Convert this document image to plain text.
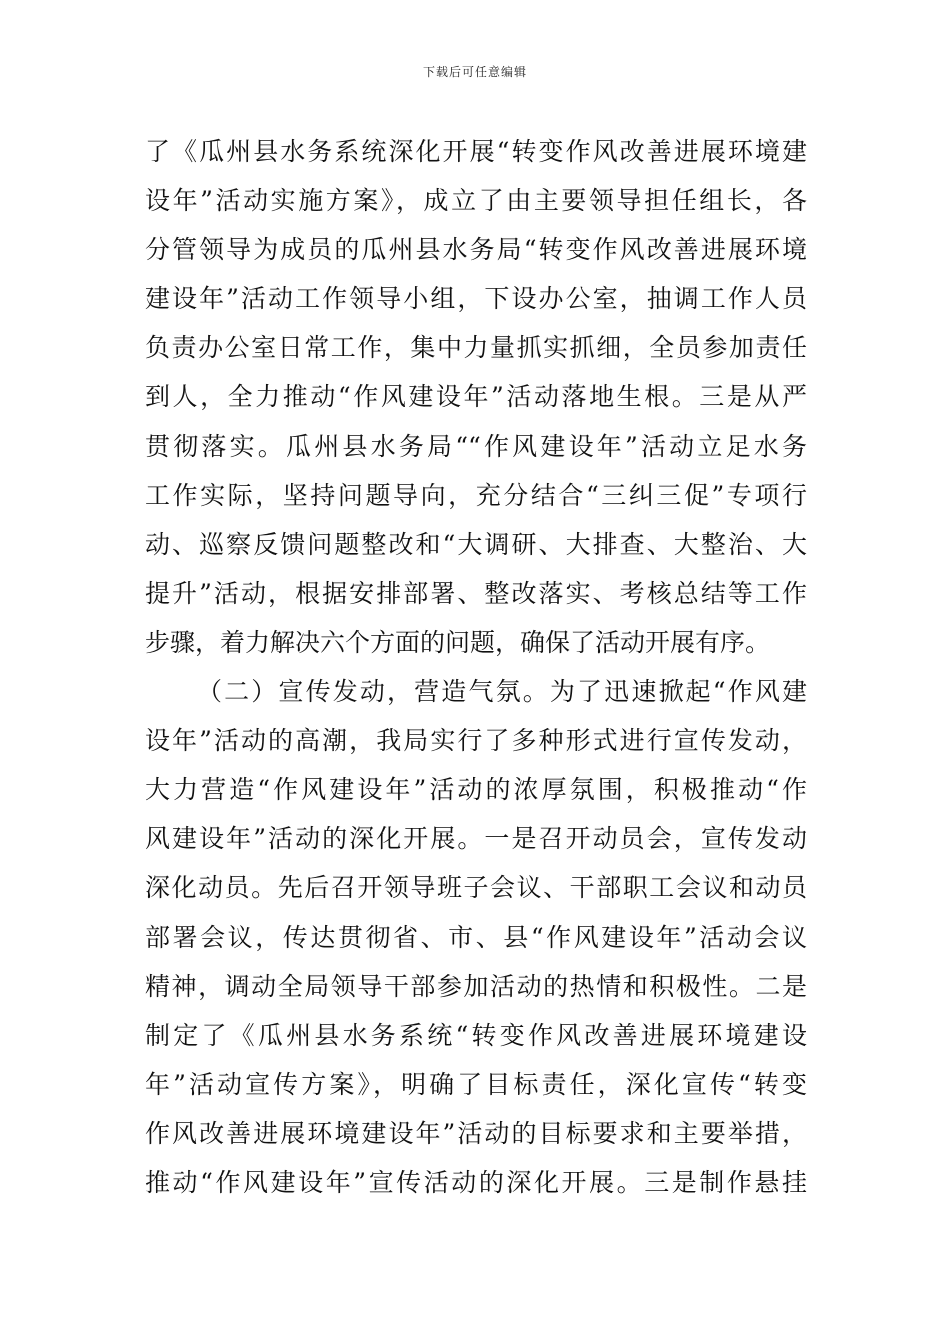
下载后可任意编辑
了《瓜州县水务系统深化开展“转变作风改善进展环境建
设年”活动实施方案》，成立了由主要领导担任组长，各
分管领导为成员的瓜州县水务局“转变作风改善进展环境
建设年”活动工作领导小组，下设办公室，抽调工作人员
负责办公室日常工作，集中力量抓实抓细，全员参加责任
到人，全力推动“作风建设年”活动落地生根。三是从严
贯彻落实。瓜州县水务局““作风建设年”活动立足水务
工作实际，坚持问题导向，充分结合“三纠三促”专项行
动、巡察反馈问题整改和“大调研、大排查、大整治、大
提升”活动，根据安排部署、整改落实、考核总结等工作
步骤，着力解决六个方面的问题，确保了活动开展有序。
（二）宣传发动，营造气氛。为了迅速掀起“作风建
设年”活动的高潮，我局实行了多种形式进行宣传发动，
大力营造“作风建设年”活动的浓厚氛围，积极推动“作
风建设年”活动的深化开展。一是召开动员会，宣传发动
深化动员。先后召开领导班子会议、干部职工会议和动员
部署会议，传达贯彻省、市、县“作风建设年”活动会议
精神，调动全局领导干部参加活动的热情和积极性。二是
制定了《瓜州县水务系统“转变作风改善进展环境建设
年”活动宣传方案》，明确了目标责任，深化宣传“转变
作风改善进展环境建设年”活动的目标要求和主要举措，
推动“作风建设年”宣传活动的深化开展。三是制作悬挂
